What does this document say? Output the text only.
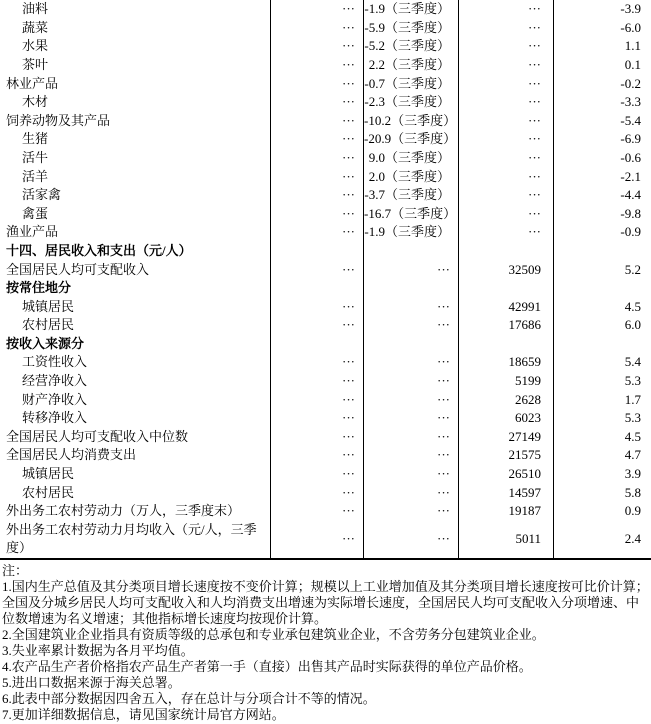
油料	··· -1.9（三季度）	···	-3.9
蔬菜	··· -5.9（三季度）	···	-6.0
水果	··· -5.2（三季度）	···	1.1
茶叶	···	2.2（三季度）	···	0.1
林业产品	··· -0.7（三季度）	···	-0.2
木材	··· -2.3（三季度）	···	-3.3
饲养动物及其产品	··· -10.2（三季度）	···	-5.4
生猪	··· -20.9（三季度）	···	-6.9
活牛	···	9.0（三季度）	···	-0.6
活羊	···	2.0（三季度）	···	-2.1
活家禽	··· -3.7（三季度）	···	-4.4
禽蛋	··· -16.7（三季度）	···	-9.8
渔业产品	··· -1.9（三季度）	···	-0.9
十四、居民收入和支出（元/人）
全国居民人均可支配收入	···	···	32509	5.2
按常住地分
城镇居民	···	···	42991	4.5
农村居民	···	···	17686	6.0
按收入来源分
工资性收入	···	···	18659	5.4
经营净收入	···	···	5199	5.3
财产净收入	···	···	2628	1.7
转移净收入	···	···	6023	5.3
全国居民人均可支配收入中位数	···	···	27149	4.5
全国居民人均消费支出	···	···	21575	4.7
城镇居民	···	···	26510	3.9
农村居民	···	···	14597	5.8
外出务工农村劳动力（万人，三季度末）	···	···	19187	0.9
外出务工农村劳动力月均收入（元/人，三季度）
···	···	5011	2.4
注：
1.国内生产总值及其分类项目增长速度按不变价计算；规模以上工业增加值及其分类项目增长速度按可比价计算；全国及分城乡居民人均可支配收入和人均消费支出增速为实际增长速度，全国居民人均可支配收入分项增速、中位数增速为名义增速；其他指标增长速度均按现价计算。
2.全国建筑业企业指具有资质等级的总承包和专业承包建筑业企业，不含劳务分包建筑业企业。
3.失业率累计数据为各月平均值。
4.农产品生产者价格指农产品生产者第一手（直接）出售其产品时实际获得的单位产品价格。
5.进出口数据来源于海关总署。
6.此表中部分数据因四舍五入，存在总计与分项合计不等的情况。
7.更加详细数据信息，请见国家统计局官方网站。
